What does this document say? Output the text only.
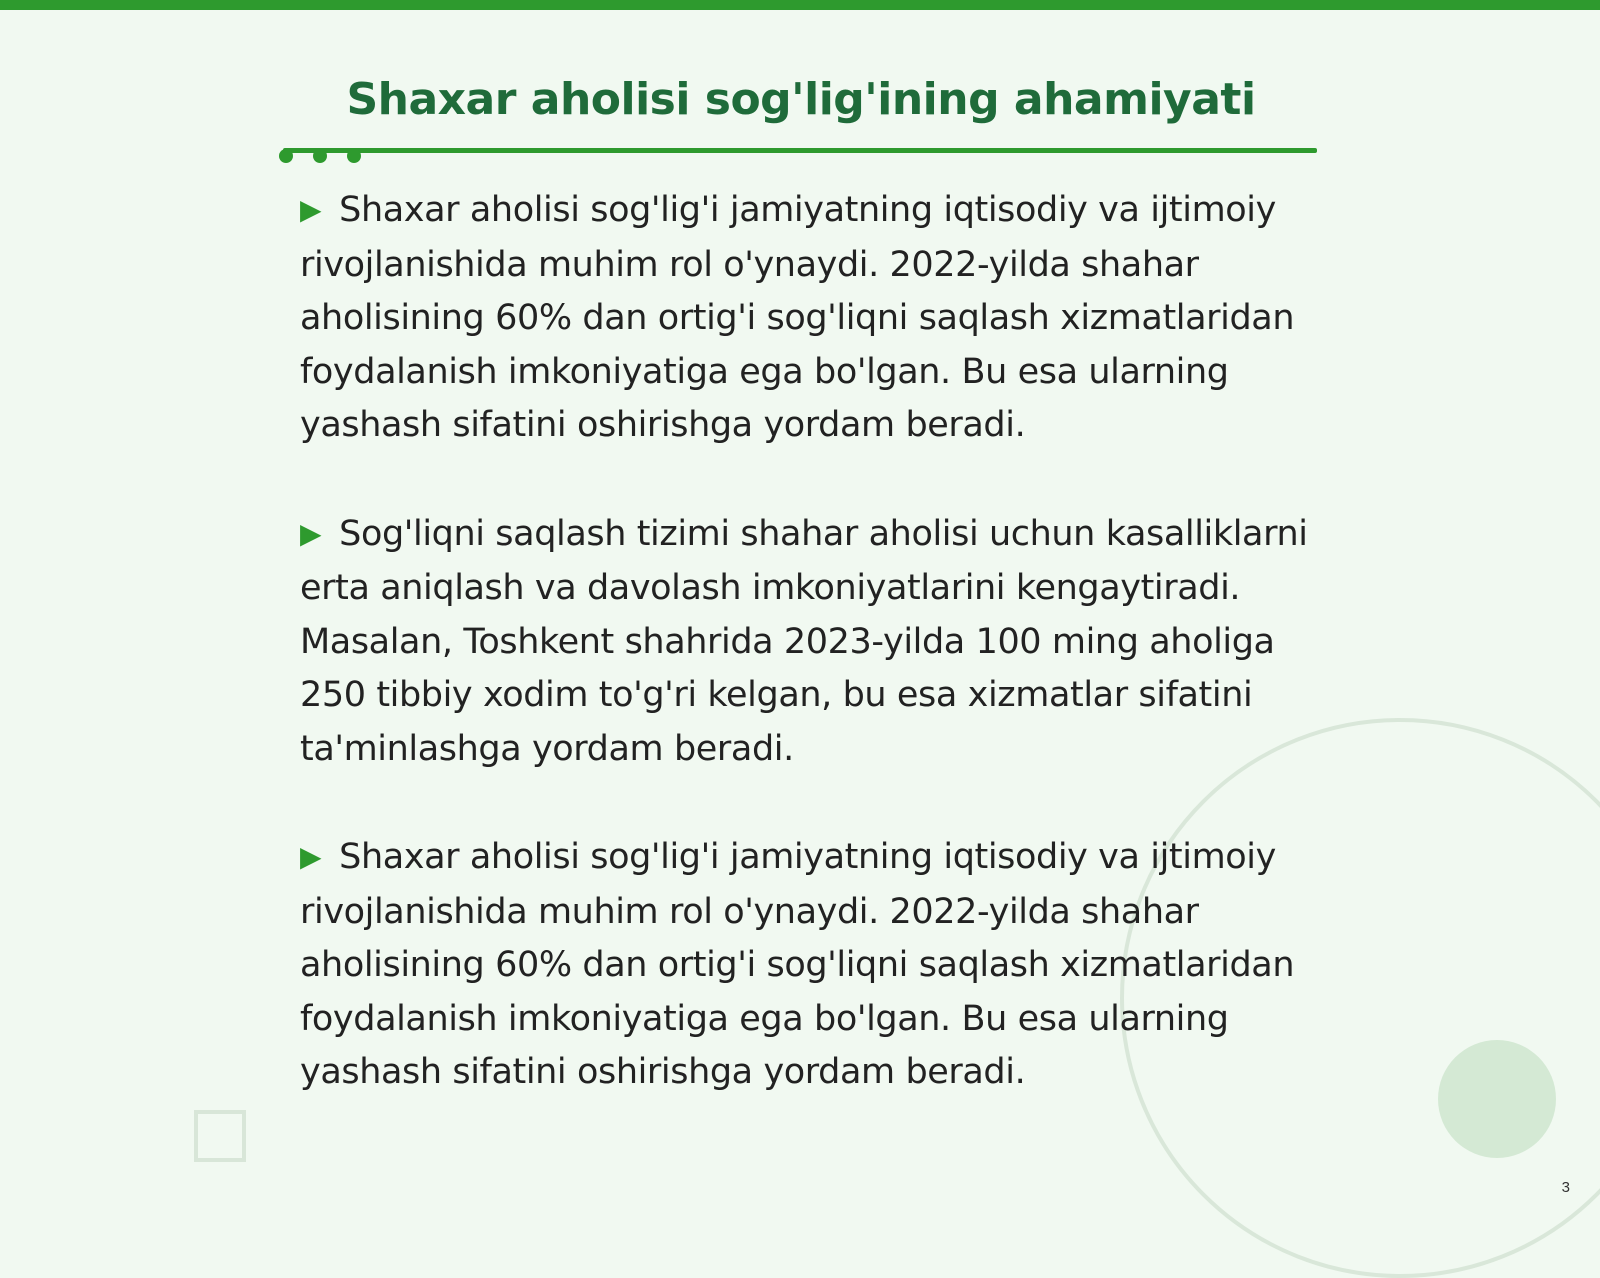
Shaxar aholisi sog'lig'ining ahamiyati

▶ Shaxar aholisi sog'lig'i jamiyatning iqtisodiy va ijtimoiy rivojlanishida muhim rol o'ynaydi. 2022-yilda shahar aholisining 60% dan ortig'i sog'liqni saqlash xizmatlaridan foydalanish imkoniyatiga ega bo'lgan. Bu esa ularning yashash sifatini oshirishga yordam beradi.

▶ Sog'liqni saqlash tizimi shahar aholisi uchun kasalliklarni erta aniqlash va davolash imkoniyatlarini kengaytiradi. Masalan, Toshkent shahrida 2023-yilda 100 ming aholiga 250 tibbiy xodim to'g'ri kelgan, bu esa xizmatlar sifatini ta'minlashga yordam beradi.

▶ Shaxar aholisi sog'lig'i jamiyatning iqtisodiy va ijtimoiy rivojlanishida muhim rol o'ynaydi. 2022-yilda shahar aholisining 60% dan ortig'i sog'liqni saqlash xizmatlaridan foydalanish imkoniyatiga ega bo'lgan. Bu esa ularning yashash sifatini oshirishga yordam beradi.

3
